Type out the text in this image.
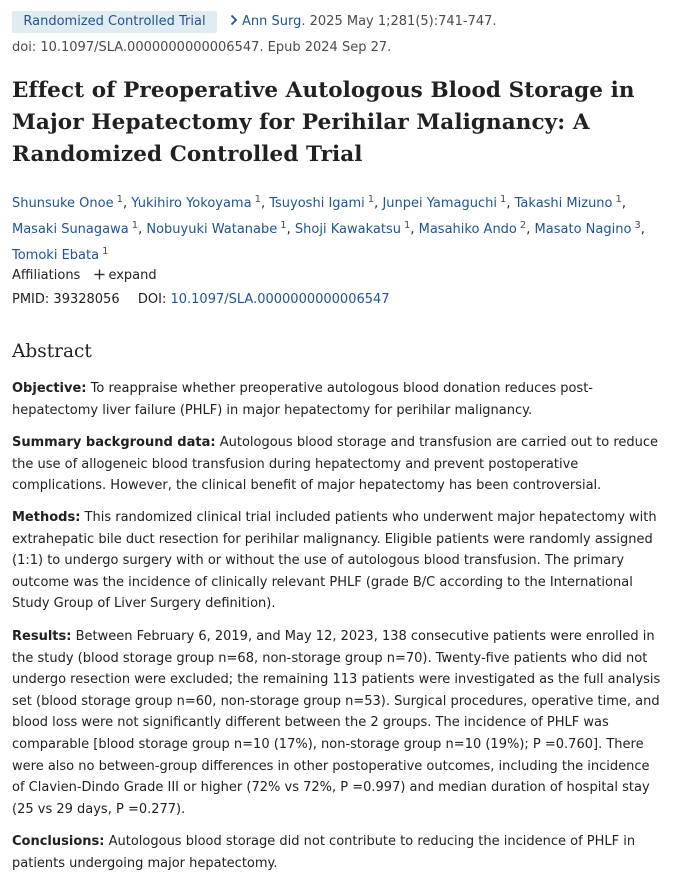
Randomized Controlled Trial	Ann Surg. 2025 May 1;281(5):741-747.
doi: 10.1097/SLA.0000000000006547. Epub 2024 Sep 27.
Effect of Preoperative Autologous Blood Storage in Major Hepatectomy for Perihilar Malignancy: A Randomized Controlled Trial
Shunsuke Onoe $^1$, Yukihiro Yokoyama $^1$, Tsuyoshi Igami $^1$, Junpei Yamaguchi $^1$, Takashi Mizuno $^1$, Masaki Sunagawa $^1$, Nobuyuki Watanabe $^1$, Shoji Kawakatsu $^1$, Masahiko Ando $^2$, Masato Nagino $^3$, Tomoki Ebata $^1$
Affiliations expand
PMID: 39328056 DOI: 10.1097/SLA.0000000000006547
Abstract

Objective: To reappraise whether preoperative autologous blood donation reduces post-hepatectomy liver failure (PHLF) in major hepatectomy for perihilar malignancy.

Summary background data: Autologous blood storage and transfusion are carried out to reduce the use of allogeneic blood transfusion during hepatectomy and prevent postoperative complications. However, the clinical benefit of major hepatectomy has been controversial.

Methods: This randomized clinical trial included patients who underwent major hepatectomy with extrahepatic bile duct resection for perihilar malignancy. Eligible patients were randomly assigned (1:1) to undergo surgery with or without the use of autologous blood transfusion. The primary outcome was the incidence of clinically relevant PHLF (grade B/C according to the International Study Group of Liver Surgery definition).

Results: Between February 6, 2019, and May 12, 2023, 138 consecutive patients were enrolled in the study (blood storage group n=68, non-storage group n=70). Twenty-five patients who did not undergo resection were excluded; the remaining 113 patients were investigated as the full analysis set (blood storage group n=60, non-storage group n=53). Surgical procedures, operative time, and blood loss were not significantly different between the 2 groups. The incidence of PHLF was comparable [blood storage group n=10 (17%), non-storage group n=10 (19%); P =0.760]. There were also no between-group differences in other postoperative outcomes, including the incidence of Clavien-Dindo Grade III or higher (72% vs 72%, P =0.997) and median duration of hospital stay (25 vs 29 days, P =0.277).

Conclusions: Autologous blood storage did not contribute to reducing the incidence of PHLF in patients undergoing major hepatectomy.
